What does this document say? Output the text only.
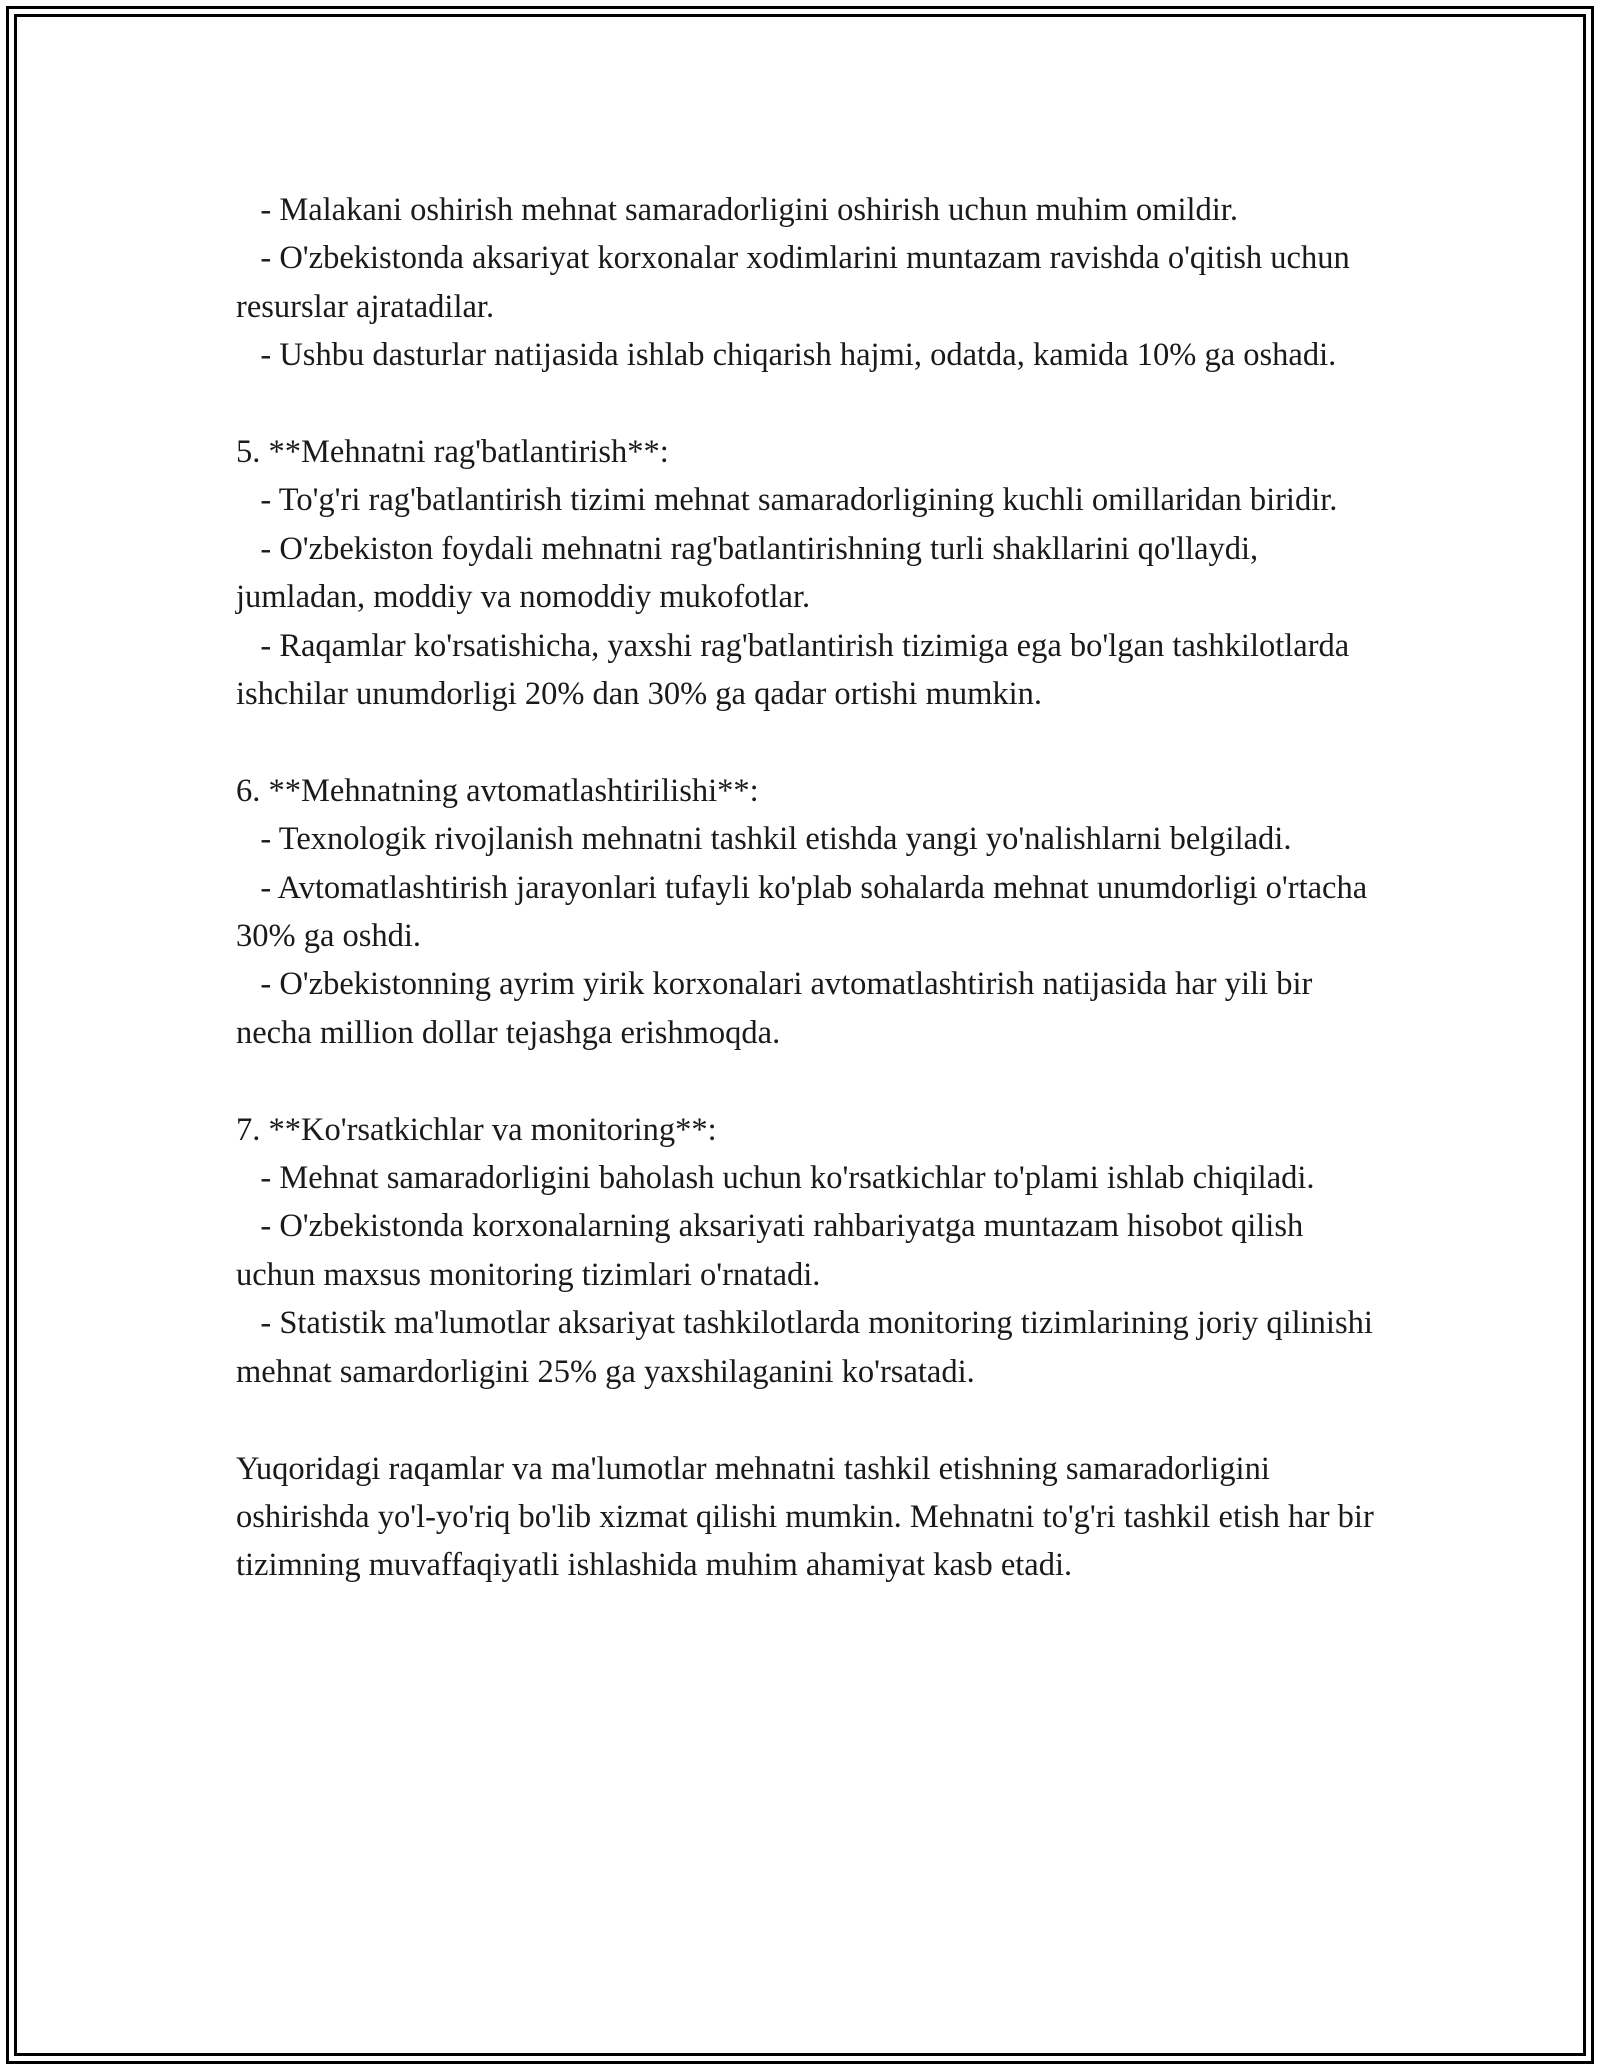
- Malakani oshirish mehnat samaradorligini oshirish uchun muhim omildir.
- O'zbekistonda aksariyat korxonalar xodimlarini muntazam ravishda o'qitish uchun resurslar ajratadilar.
- Ushbu dasturlar natijasida ishlab chiqarish hajmi, odatda, kamida 10% ga oshadi.
5. **Mehnatni rag'batlantirish**:
- To'g'ri rag'batlantirish tizimi mehnat samaradorligining kuchli omillaridan biridir.
- O'zbekiston foydali mehnatni rag'batlantirishning turli shakllarini qo'llaydi, jumladan, moddiy va nomoddiy mukofotlar.
- Raqamlar ko'rsatishicha, yaxshi rag'batlantirish tizimiga ega bo'lgan tashkilotlarda ishchilar unumdorligi 20% dan 30% ga qadar ortishi mumkin.
6. **Mehnatning avtomatlashtirilishi**:
- Texnologik rivojlanish mehnatni tashkil etishda yangi yo'nalishlarni belgiladi.
- Avtomatlashtirish jarayonlari tufayli ko'plab sohalarda mehnat unumdorligi o'rtacha 30% ga oshdi.
- O'zbekistonning ayrim yirik korxonalari avtomatlashtirish natijasida har yili bir necha million dollar tejashga erishmoqda.
7. **Ko'rsatkichlar va monitoring**:
- Mehnat samaradorligini baholash uchun ko'rsatkichlar to'plami ishlab chiqiladi.
- O'zbekistonda korxonalarning aksariyati rahbariyatga muntazam hisobot qilish uchun maxsus monitoring tizimlari o'rnatadi.
- Statistik ma'lumotlar aksariyat tashkilotlarda monitoring tizimlarining joriy qilinishi mehnat samardorligini 25% ga yaxshilaganini ko'rsatadi.
Yuqoridagi raqamlar va ma'lumotlar mehnatni tashkil etishning samaradorligini oshirishda yo'l-yo'riq bo'lib xizmat qilishi mumkin. Mehnatni to'g'ri tashkil etish har bir tizimning muvaffaqiyatli ishlashida muhim ahamiyat kasb etadi.
